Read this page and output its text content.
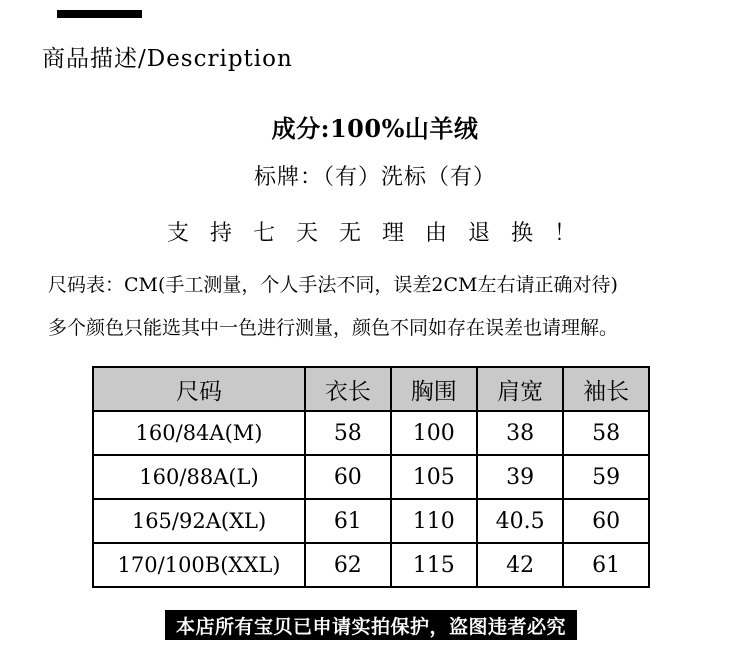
商品描述/Description
成分:100%山羊绒
标牌：（有）洗标（有）
支 持 七 天 无 理 由 退 换 ！
尺码表：CM(手工测量，个人手法不同，误差2CM左右请正确对待)
多个颜色只能选其中一色进行测量，颜色不同如存在误差也请理解。
尺码	衣长	胸围	肩宽	袖长
160/84A(M)	58	100	38	58
160/88A(L)	60	105	39	59
165/92A(XL)	61	110	40.5	60
170/100B(XXL)	62	115	42	61
本店所有宝贝已申请实拍保护，盗图违者必究
